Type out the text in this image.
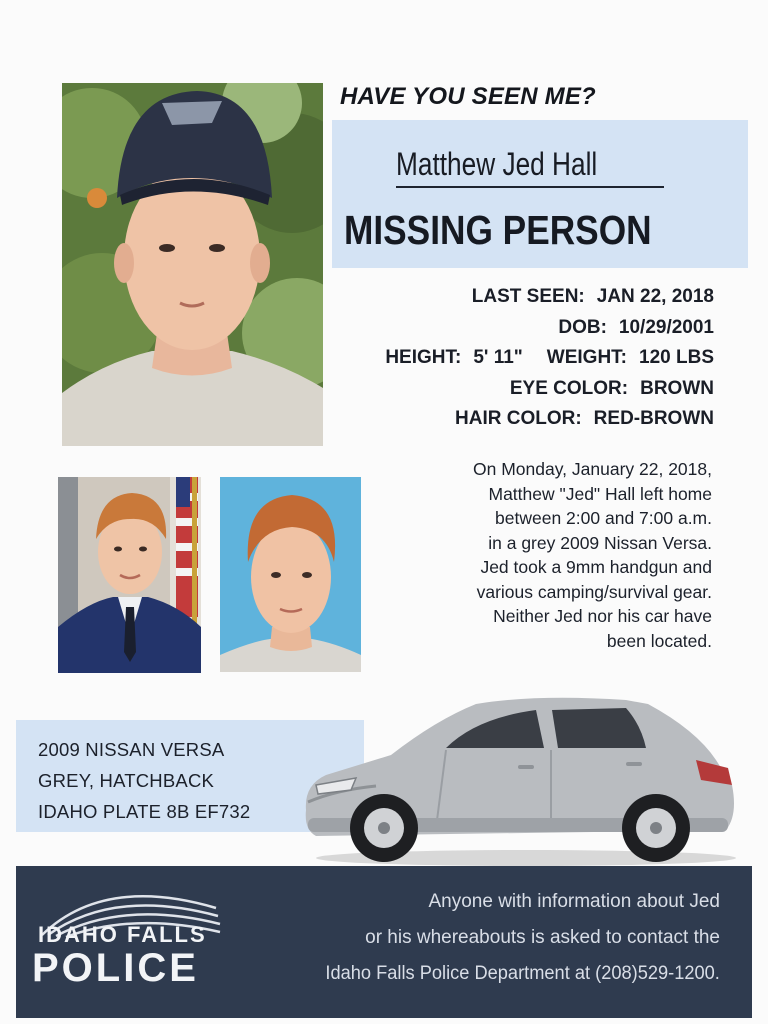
HAVE YOU SEEN ME?
Matthew Jed Hall
MISSING PERSON
LAST SEEN: JAN 22, 2018
DOB: 10/29/2001
HEIGHT: 5' 11" WEIGHT: 120 LBS
EYE COLOR: BROWN
HAIR COLOR: RED-BROWN
On Monday, January 22, 2018,
Matthew "Jed" Hall left home
between 2:00 and 7:00 a.m.
in a grey 2009 Nissan Versa.
Jed took a 9mm handgun and
various camping/survival gear.
Neither Jed nor his car have
been located.
2009 NISSAN VERSA
GREY, HATCHBACK
IDAHO PLATE 8B EF732
IDAHO FALLS
POLICE
Anyone with information about Jed
or his whereabouts is asked to contact the
Idaho Falls Police Department at (208)529-1200.
